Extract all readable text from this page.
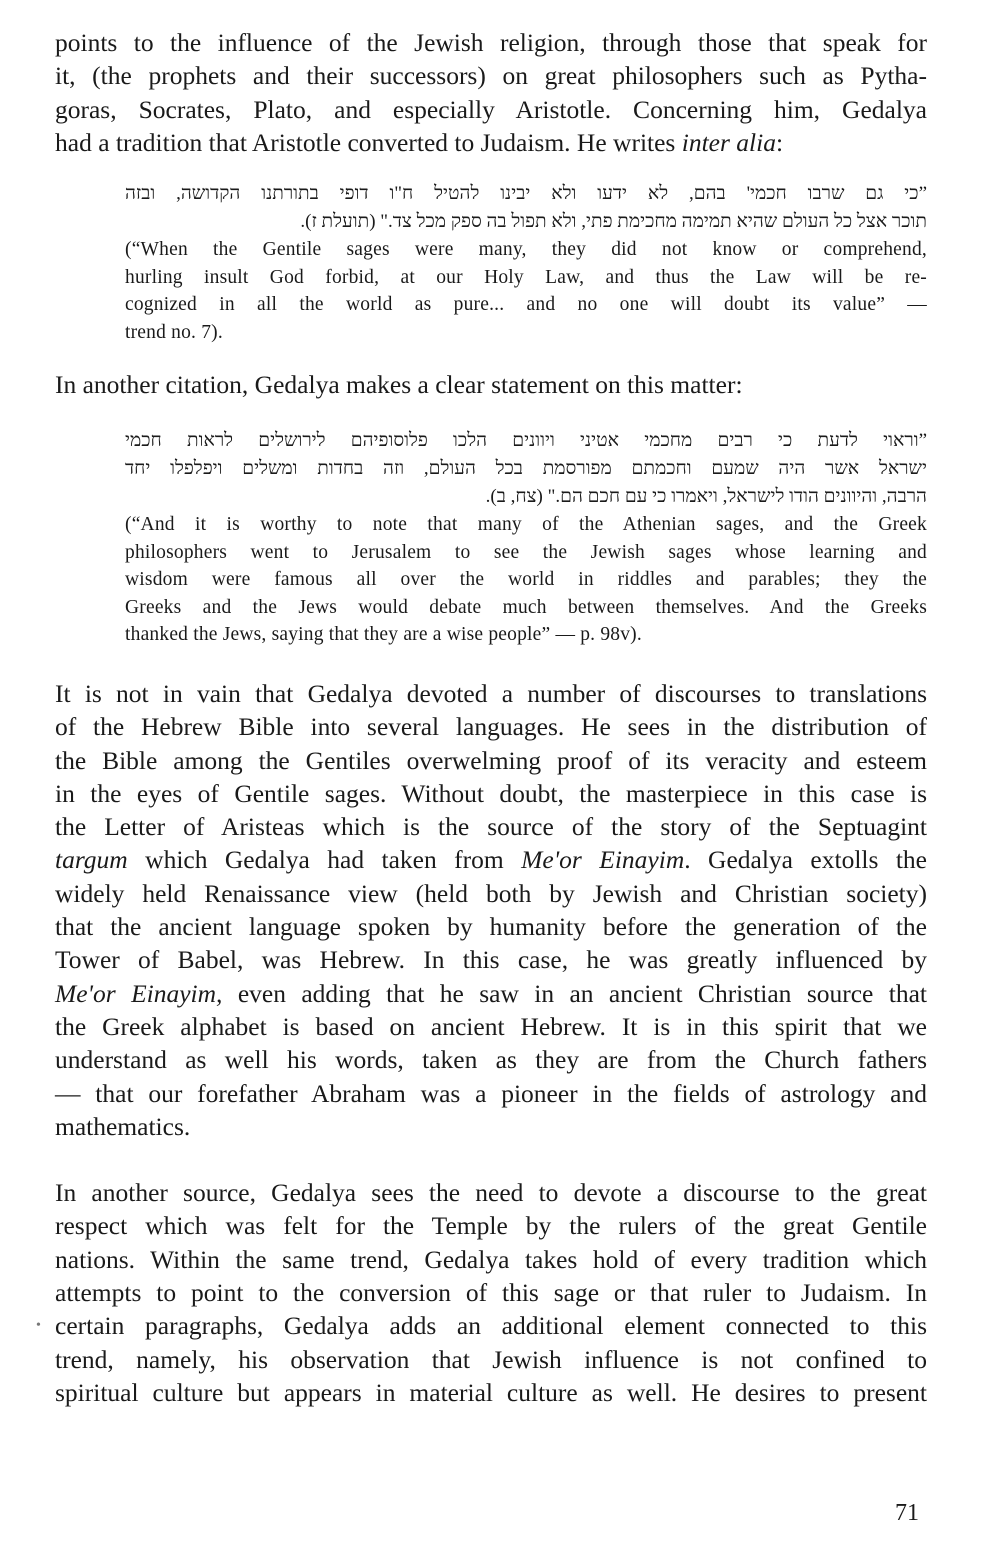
points to the influence of the Jewish religion, through those that speak for
it, (the prophets and their successors) on great philosophers such as Pytha-
goras, Socrates, Plato, and especially Aristotle. Concerning him, Gedalya
had a tradition that Aristotle converted to Judaism. He writes inter alia:

”כי גם שרבו חכמי' בהם, לא ידעו ולא יבינו להטיל ח"ו דופי בתורתנו הקדושה, ובזה
תוכר אצל כל העולם שהיא תמימה מחכימת פתי, ולא תפול בה ספק מכל צד." (תועלת ז).

(“When the Gentile sages were many, they did not know or comprehend,
hurling insult God forbid, at our Holy Law, and thus the Law will be re-
cognized in all the world as pure... and no one will doubt its value” —
trend no. 7).

In another citation, Gedalya makes a clear statement on this matter:

”וראוי לדעת כי רבים מחכמי אטיני ויוונים הלכו פלוסופיהם לירושלים לראות חכמי
ישראל אשר היה שמעם וחכמתם מפורסמת בכל העולם, וזה בחדות ומשלים ויפלפלו יחד
הרבה, והיוונים הודו לישראל, ויאמרו כי עם חכם הם." (צח, ב).

(“And it is worthy to note that many of the Athenian sages, and the Greek
philosophers went to Jerusalem to see the Jewish sages whose learning and
wisdom were famous all over the world in riddles and parables; they the
Greeks and the Jews would debate much between themselves. And the Greeks
thanked the Jews, saying that they are a wise people” — p. 98v).

It is not in vain that Gedalya devoted a number of discourses to translations
of the Hebrew Bible into several languages. He sees in the distribution of
the Bible among the Gentiles overwelming proof of its veracity and esteem
in the eyes of Gentile sages. Without doubt, the masterpiece in this case is
the Letter of Aristeas which is the source of the story of the Septuagint
targum which Gedalya had taken from Me'or Einayim. Gedalya extolls the
widely held Renaissance view (held both by Jewish and Christian society)
that the ancient language spoken by humanity before the generation of the
Tower of Babel, was Hebrew. In this case, he was greatly influenced by
Me'or Einayim, even adding that he saw in an ancient Christian source that
the Greek alphabet is based on ancient Hebrew. It is in this spirit that we
understand as well his words, taken as they are from the Church fathers
— that our forefather Abraham was a pioneer in the fields of astrology and
mathematics.

In another source, Gedalya sees the need to devote a discourse to the great
respect which was felt for the Temple by the rulers of the great Gentile
nations. Within the same trend, Gedalya takes hold of every tradition which
attempts to point to the conversion of this sage or that ruler to Judaism. In
certain paragraphs, Gedalya adds an additional element connected to this
trend, namely, his observation that Jewish influence is not confined to
spiritual culture but appears in material culture as well. He desires to present

•
71
